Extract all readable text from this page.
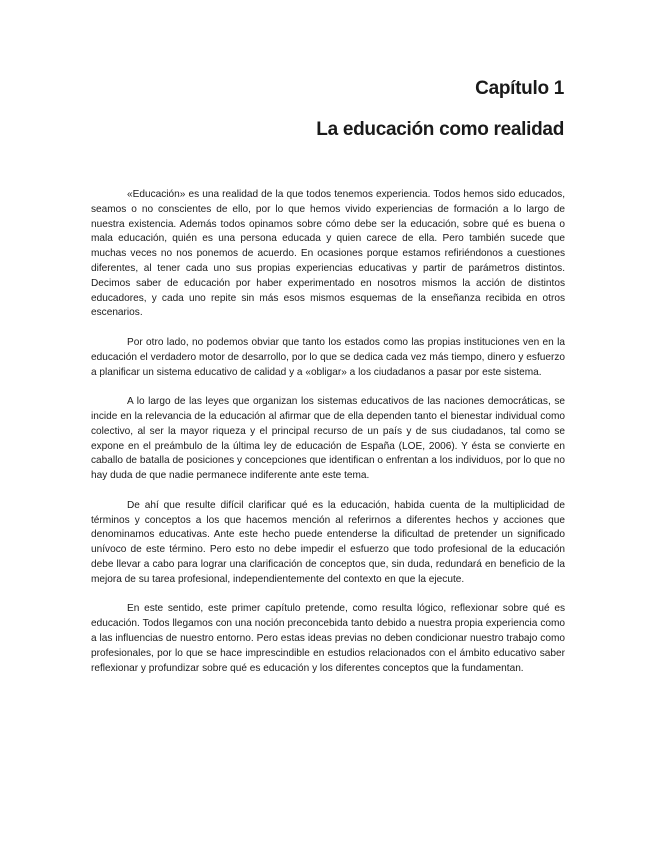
Capítulo 1
La educación como realidad

«Educación» es una realidad de la que todos tenemos experiencia. Todos hemos sido educados, seamos o no conscientes de ello, por lo que hemos vivido experiencias de formación a lo largo de nuestra existencia. Además todos opinamos sobre cómo debe ser la educación, sobre qué es buena o mala educación, quién es una persona educada y quien carece de ella. Pero también sucede que muchas veces no nos ponemos de acuerdo. En ocasiones porque estamos refiriéndonos a cuestiones diferentes, al tener cada uno sus propias experiencias educativas y partir de parámetros distintos. Decimos saber de educación por haber experimentado en nosotros mismos la acción de distintos educadores, y cada uno repite sin más esos mismos esquemas de la enseñanza recibida en otros escenarios.

Por otro lado, no podemos obviar que tanto los estados como las propias instituciones ven en la educación el verdadero motor de desarrollo, por lo que se dedica cada vez más tiempo, dinero y esfuerzo a planificar un sistema educativo de calidad y a «obligar» a los ciudadanos a pasar por este sistema.

A lo largo de las leyes que organizan los sistemas educativos de las naciones democráticas, se incide en la relevancia de la educación al afirmar que de ella dependen tanto el bienestar individual como colectivo, al ser la mayor riqueza y el principal recurso de un país y de sus ciudadanos, tal como se expone en el preámbulo de la última ley de educación de España (LOE, 2006). Y ésta se convierte en caballo de batalla de posiciones y concepciones que identifican o enfrentan a los individuos, por lo que no hay duda de que nadie permanece indiferente ante este tema.

De ahí que resulte difícil clarificar qué es la educación, habida cuenta de la multiplicidad de términos y conceptos a los que hacemos mención al referirnos a diferentes hechos y acciones que denominamos educativas. Ante este hecho puede entenderse la dificultad de pretender un significado unívoco de este término. Pero esto no debe impedir el esfuerzo que todo profesional de la educación debe llevar a cabo para lograr una clarificación de conceptos que, sin duda, redundará en beneficio de la mejora de su tarea profesional, independientemente del contexto en que la ejecute.

En este sentido, este primer capítulo pretende, como resulta lógico, reflexionar sobre qué es educación. Todos llegamos con una noción preconcebida tanto debido a nuestra propia experiencia como a las influencias de nuestro entorno. Pero estas ideas previas no deben condicionar nuestro trabajo como profesionales, por lo que se hace imprescindible en estudios relacionados con el ámbito educativo saber reflexionar y profundizar sobre qué es educación y los diferentes conceptos que la fundamentan.
